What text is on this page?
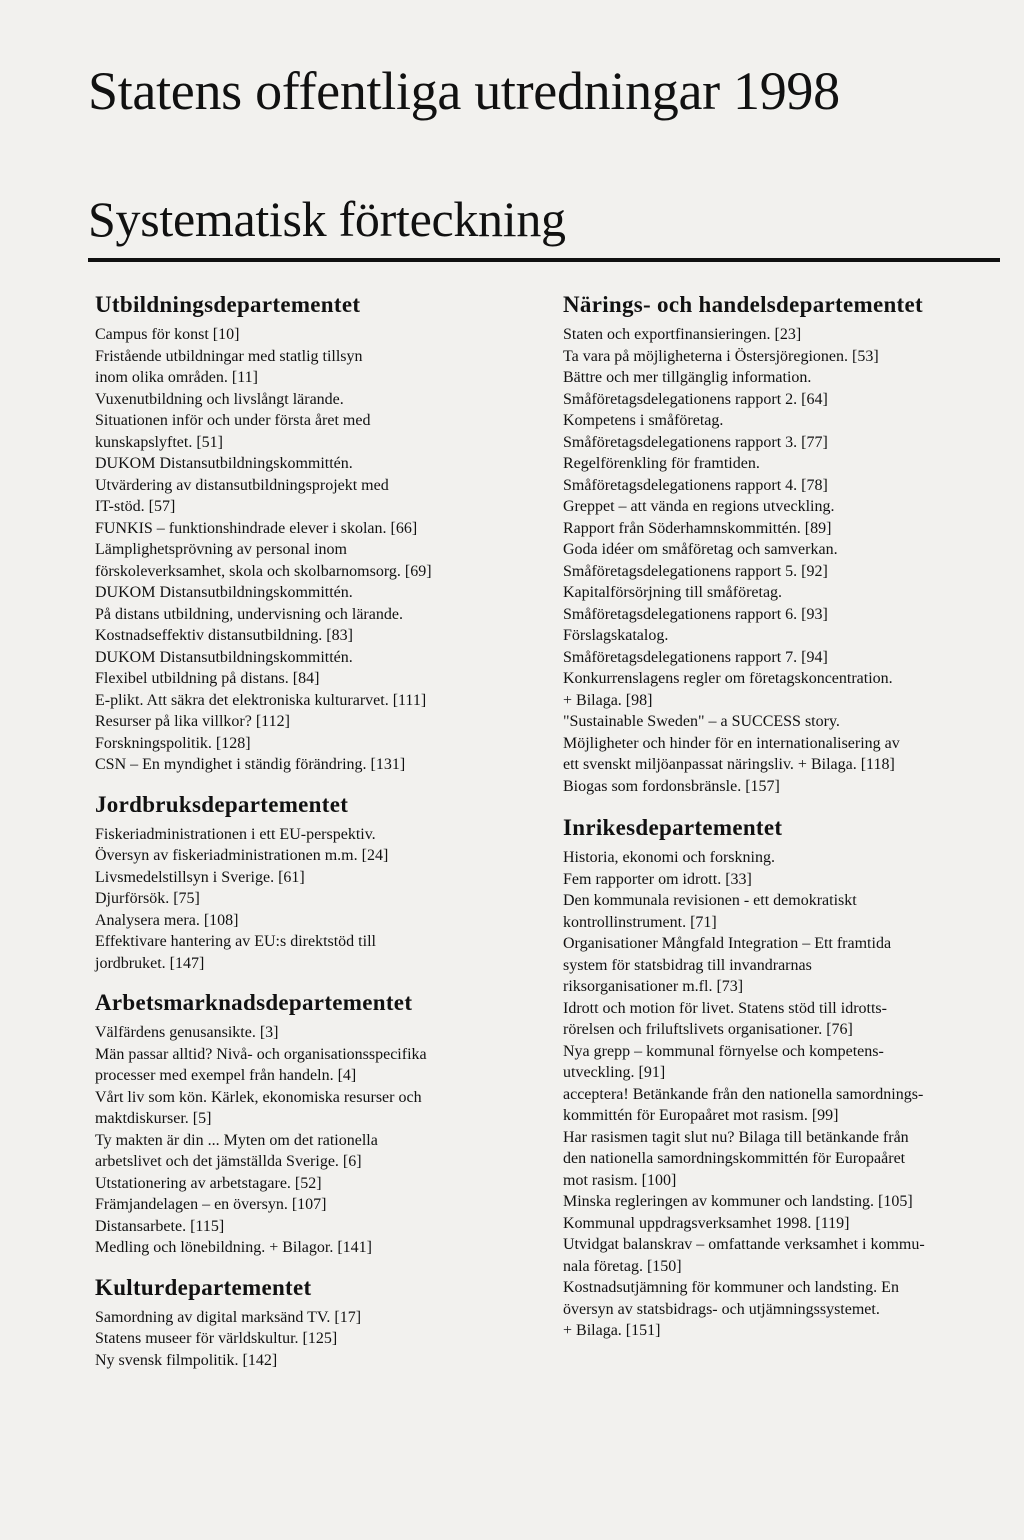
Statens offentliga utredningar 1998
Systematisk förteckning
Utbildningsdepartementet
Campus för konst [10]
Fristående utbildningar med statlig tillsyn
inom olika områden. [11]
Vuxenutbildning och livslångt lärande.
Situationen inför och under första året med
kunskapslyftet. [51]
DUKOM Distansutbildningskommittén.
Utvärdering av distansutbildningsprojekt med
IT-stöd. [57]
FUNKIS – funktionshindrade elever i skolan. [66]
Lämplighetsprövning av personal inom
förskoleverksamhet, skola och skolbarnomsorg. [69]
DUKOM Distansutbildningskommittén.
På distans utbildning, undervisning och lärande.
Kostnadseffektiv distansutbildning. [83]
DUKOM Distansutbildningskommittén.
Flexibel utbildning på distans. [84]
E-plikt. Att säkra det elektroniska kulturarvet. [111]
Resurser på lika villkor? [112]
Forskningspolitik. [128]
CSN – En myndighet i ständig förändring. [131]
Jordbruksdepartementet
Fiskeriadministrationen i ett EU-perspektiv.
Översyn av fiskeriadministrationen m.m. [24]
Livsmedelstillsyn i Sverige. [61]
Djurförsök. [75]
Analysera mera. [108]
Effektivare hantering av EU:s direktstöd till
jordbruket. [147]
Arbetsmarknadsdepartementet
Välfärdens genusansikte. [3]
Män passar alltid? Nivå- och organisationsspecifika
processer med exempel från handeln. [4]
Vårt liv som kön. Kärlek, ekonomiska resurser och
maktdiskurser. [5]
Ty makten är din ... Myten om det rationella
arbetslivet och det jämställda Sverige. [6]
Utstationering av arbetstagare. [52]
Främjandelagen – en översyn. [107]
Distansarbete. [115]
Medling och lönebildning. + Bilagor. [141]
Kulturdepartementet
Samordning av digital marksänd TV. [17]
Statens museer för världskultur. [125]
Ny svensk filmpolitik. [142]
Närings- och handelsdepartementet
Staten och exportfinansieringen. [23]
Ta vara på möjligheterna i Östersjöregionen. [53]
Bättre och mer tillgänglig information.
Småföretagsdelegationens rapport 2. [64]
Kompetens i småföretag.
Småföretagsdelegationens rapport 3. [77]
Regelförenkling för framtiden.
Småföretagsdelegationens rapport 4. [78]
Greppet – att vända en regions utveckling.
Rapport från Söderhamnskommittén. [89]
Goda idéer om småföretag och samverkan.
Småföretagsdelegationens rapport 5. [92]
Kapitalförsörjning till småföretag.
Småföretagsdelegationens rapport 6. [93]
Förslagskatalog.
Småföretagsdelegationens rapport 7. [94]
Konkurrenslagens regler om företagskoncentration.
+ Bilaga. [98]
"Sustainable Sweden" – a SUCCESS story.
Möjligheter och hinder för en internationalisering av
ett svenskt miljöanpassat näringsliv. + Bilaga. [118]
Biogas som fordonsbränsle. [157]
Inrikesdepartementet
Historia, ekonomi och forskning.
Fem rapporter om idrott. [33]
Den kommunala revisionen - ett demokratiskt
kontrollinstrument. [71]
Organisationer Mångfald Integration – Ett framtida
system för statsbidrag till invandrarnas
riksorganisationer m.fl. [73]
Idrott och motion för livet. Statens stöd till idrotts-
rörelsen och friluftslivets organisationer. [76]
Nya grepp – kommunal förnyelse och kompetens-
utveckling. [91]
acceptera! Betänkande från den nationella samordnings-
kommittén för Europaåret mot rasism. [99]
Har rasismen tagit slut nu? Bilaga till betänkande från
den nationella samordningskommittén för Europaåret
mot rasism. [100]
Minska regleringen av kommuner och landsting. [105]
Kommunal uppdragsverksamhet 1998. [119]
Utvidgat balanskrav – omfattande verksamhet i kommu-
nala företag. [150]
Kostnadsutjämning för kommuner och landsting. En
översyn av statsbidrags- och utjämningssystemet.
+ Bilaga. [151]
